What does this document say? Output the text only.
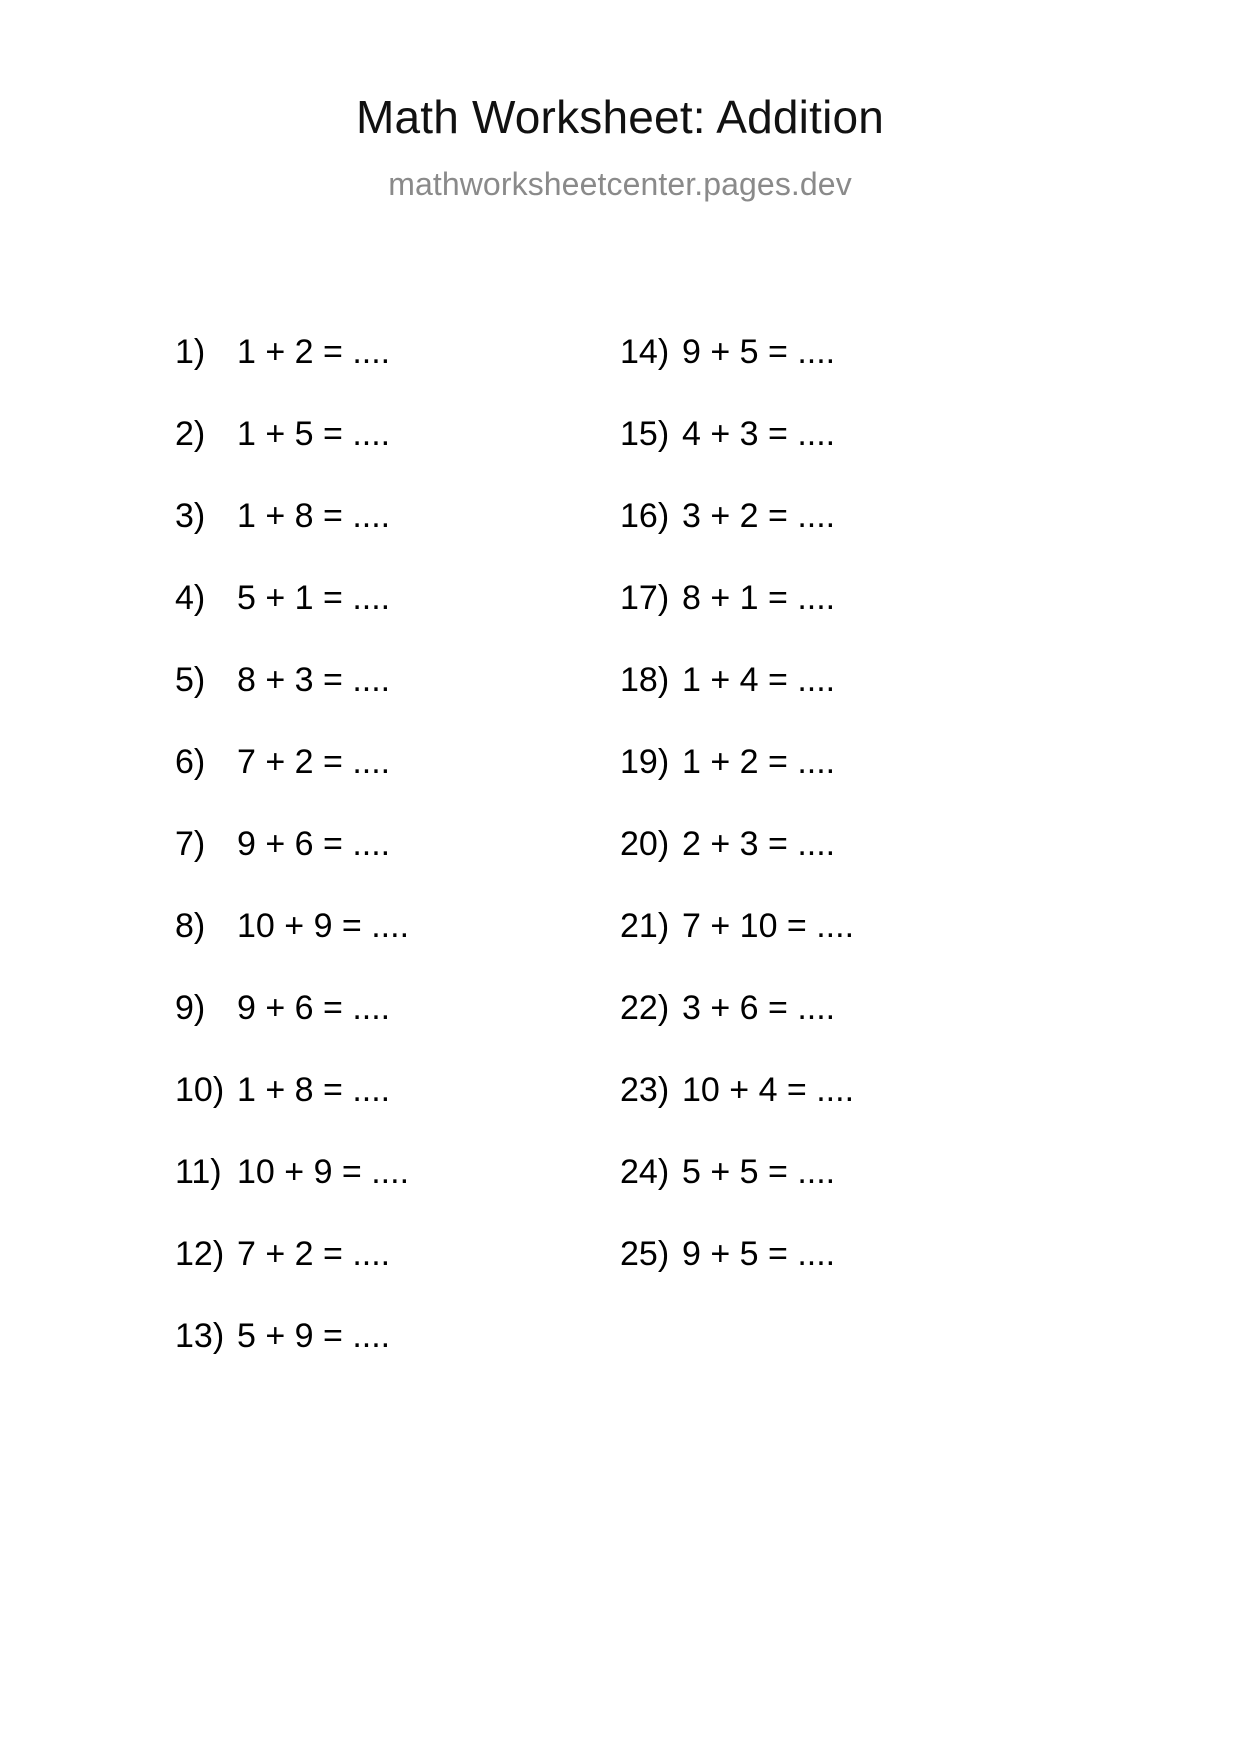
Math Worksheet: Addition
mathworksheetcenter.pages.dev
1) 1 + 2 = ....
2) 1 + 5 = ....
3) 1 + 8 = ....
4) 5 + 1 = ....
5) 8 + 3 = ....
6) 7 + 2 = ....
7) 9 + 6 = ....
8) 10 + 9 = ....
9) 9 + 6 = ....
10) 1 + 8 = ....
11) 10 + 9 = ....
12) 7 + 2 = ....
13) 5 + 9 = ....
14) 9 + 5 = ....
15) 4 + 3 = ....
16) 3 + 2 = ....
17) 8 + 1 = ....
18) 1 + 4 = ....
19) 1 + 2 = ....
20) 2 + 3 = ....
21) 7 + 10 = ....
22) 3 + 6 = ....
23) 10 + 4 = ....
24) 5 + 5 = ....
25) 9 + 5 = ....
